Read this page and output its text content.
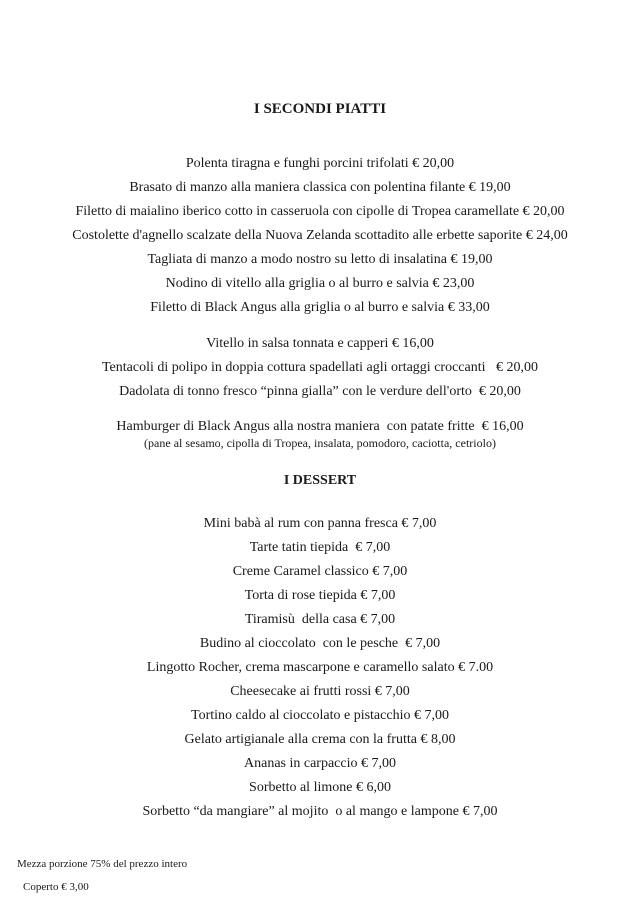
I SECONDI PIATTI
Polenta tiragna e funghi porcini trifolati € 20,00
Brasato di manzo alla maniera classica con polentina filante € 19,00
Filetto di maialino iberico cotto in casseruola con cipolle di Tropea caramellate € 20,00
Costolette d'agnello scalzate della Nuova Zelanda scottadito alle erbette saporite € 24,00
Tagliata di manzo a modo nostro su letto di insalatina € 19,00
Nodino di vitello alla griglia o al burro e salvia € 23,00
Filetto di Black Angus alla griglia o al burro e salvia € 33,00
Vitello in salsa tonnata e capperi € 16,00
Tentacoli di polipo in doppia cottura spadellati agli ortaggi croccanti   € 20,00
Dadolata di tonno fresco “pinna gialla” con le verdure dell'orto  € 20,00

Hamburger di Black Angus alla nostra maniera  con patate fritte  € 16,00
(pane al sesamo, cipolla di Tropea, insalata, pomodoro, caciotta, cetriolo)

I DESSERT
Mini babà al rum con panna fresca € 7,00
Tarte tatin tiepida  € 7,00
Creme Caramel classico € 7,00
Torta di rose tiepida € 7,00
Tiramisù  della casa € 7,00
Budino al cioccolato  con le pesche  € 7,00
Lingotto Rocher, crema mascarpone e caramello salato € 7.00
Cheesecake ai frutti rossi € 7,00
Tortino caldo al cioccolato e pistacchio € 7,00
Gelato artigianale alla crema con la frutta € 8,00
Ananas in carpaccio € 7,00
Sorbetto al limone € 6,00
Sorbetto “da mangiare” al mojito  o al mango e lampone € 7,00

Mezza porzione 75% del prezzo intero

Coperto € 3,00
